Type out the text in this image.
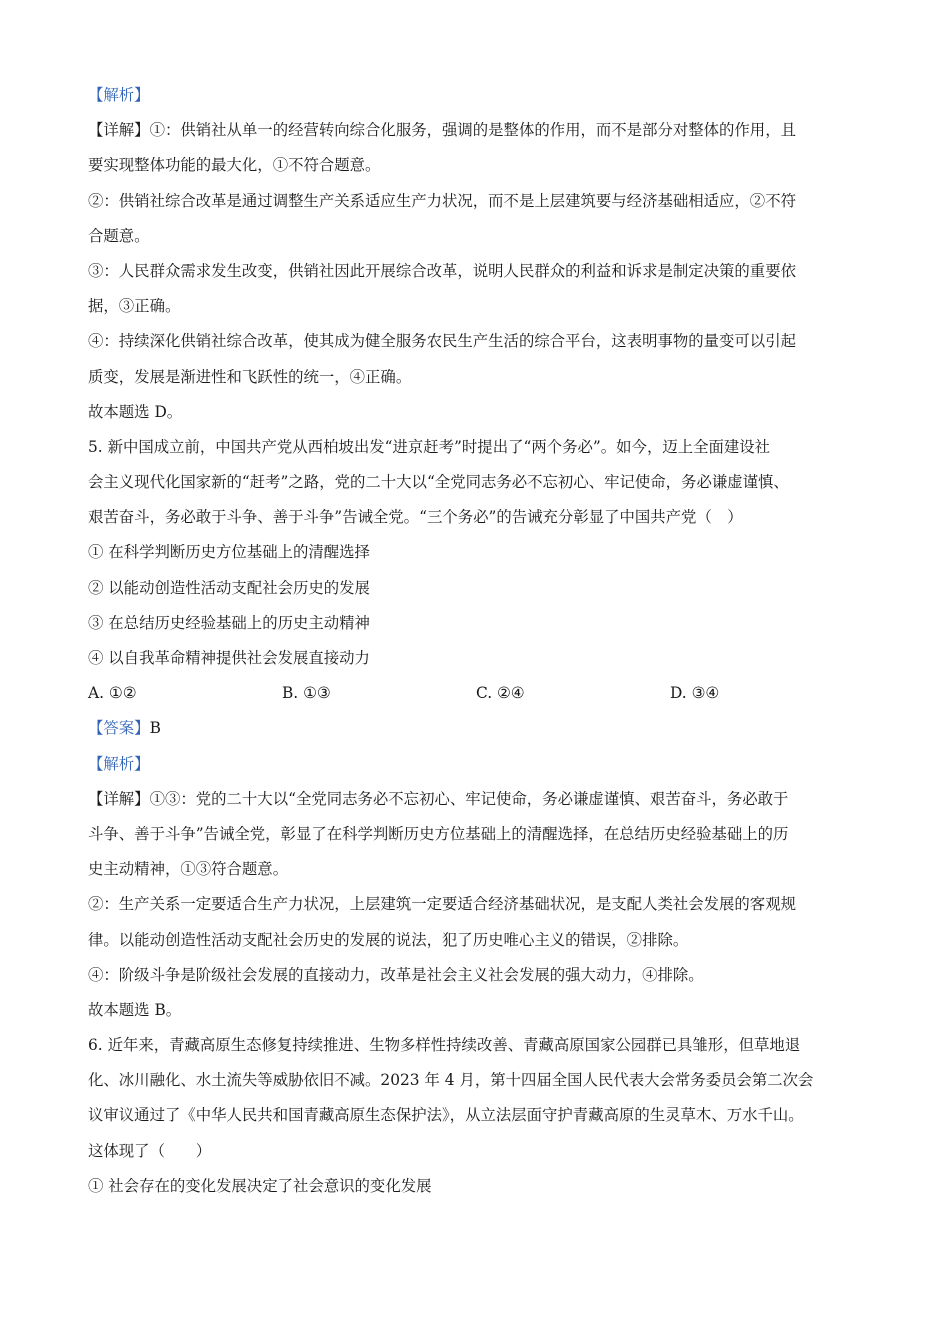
【解析】
【详解】①：供销社从单一的经营转向综合化服务，强调的是整体的作用，而不是部分对整体的作用，且
要实现整体功能的最大化，①不符合题意。
②：供销社综合改革是通过调整生产关系适应生产力状况，而不是上层建筑要与经济基础相适应，②不符
合题意。
③：人民群众需求发生改变，供销社因此开展综合改革，说明人民群众的利益和诉求是制定决策的重要依
据，③正确。
④：持续深化供销社综合改革，使其成为健全服务农民生产生活的综合平台，这表明事物的量变可以引起
质变，发展是渐进性和飞跃性的统一，④正确。
故本题选 D。
5. 新中国成立前，中国共产党从西柏坡出发“进京赶考”时提出了“两个务必”。如今，迈上全面建设社
会主义现代化国家新的“赶考”之路，党的二十大以“全党同志务必不忘初心、牢记使命，务必谦虚谨慎、
艰苦奋斗，务必敢于斗争、善于斗争”告诫全党。“三个务必”的告诫充分彰显了中国共产党（　）
① 在科学判断历史方位基础上的清醒选择
② 以能动创造性活动支配社会历史的发展
③ 在总结历史经验基础上的历史主动精神
④ 以自我革命精神提供社会发展直接动力
A. ①②	B. ①③	C. ②④	D. ③④
【答案】B
【解析】
【详解】①③：党的二十大以“全党同志务必不忘初心、牢记使命，务必谦虚谨慎、艰苦奋斗，务必敢于
斗争、善于斗争”告诫全党，彰显了在科学判断历史方位基础上的清醒选择，在总结历史经验基础上的历
史主动精神，①③符合题意。
②：生产关系一定要适合生产力状况，上层建筑一定要适合经济基础状况，是支配人类社会发展的客观规
律。以能动创造性活动支配社会历史的发展的说法，犯了历史唯心主义的错误，②排除。
④：阶级斗争是阶级社会发展的直接动力，改革是社会主义社会发展的强大动力，④排除。
故本题选 B。
6. 近年来，青藏高原生态修复持续推进、生物多样性持续改善、青藏高原国家公园群已具雏形，但草地退
化、冰川融化、水土流失等威胁依旧不减。2023 年 4 月，第十四届全国人民代表大会常务委员会第二次会
议审议通过了《中华人民共和国青藏高原生态保护法》，从立法层面守护青藏高原的生灵草木、万水千山。
这体现了（　　）
① 社会存在的变化发展决定了社会意识的变化发展
